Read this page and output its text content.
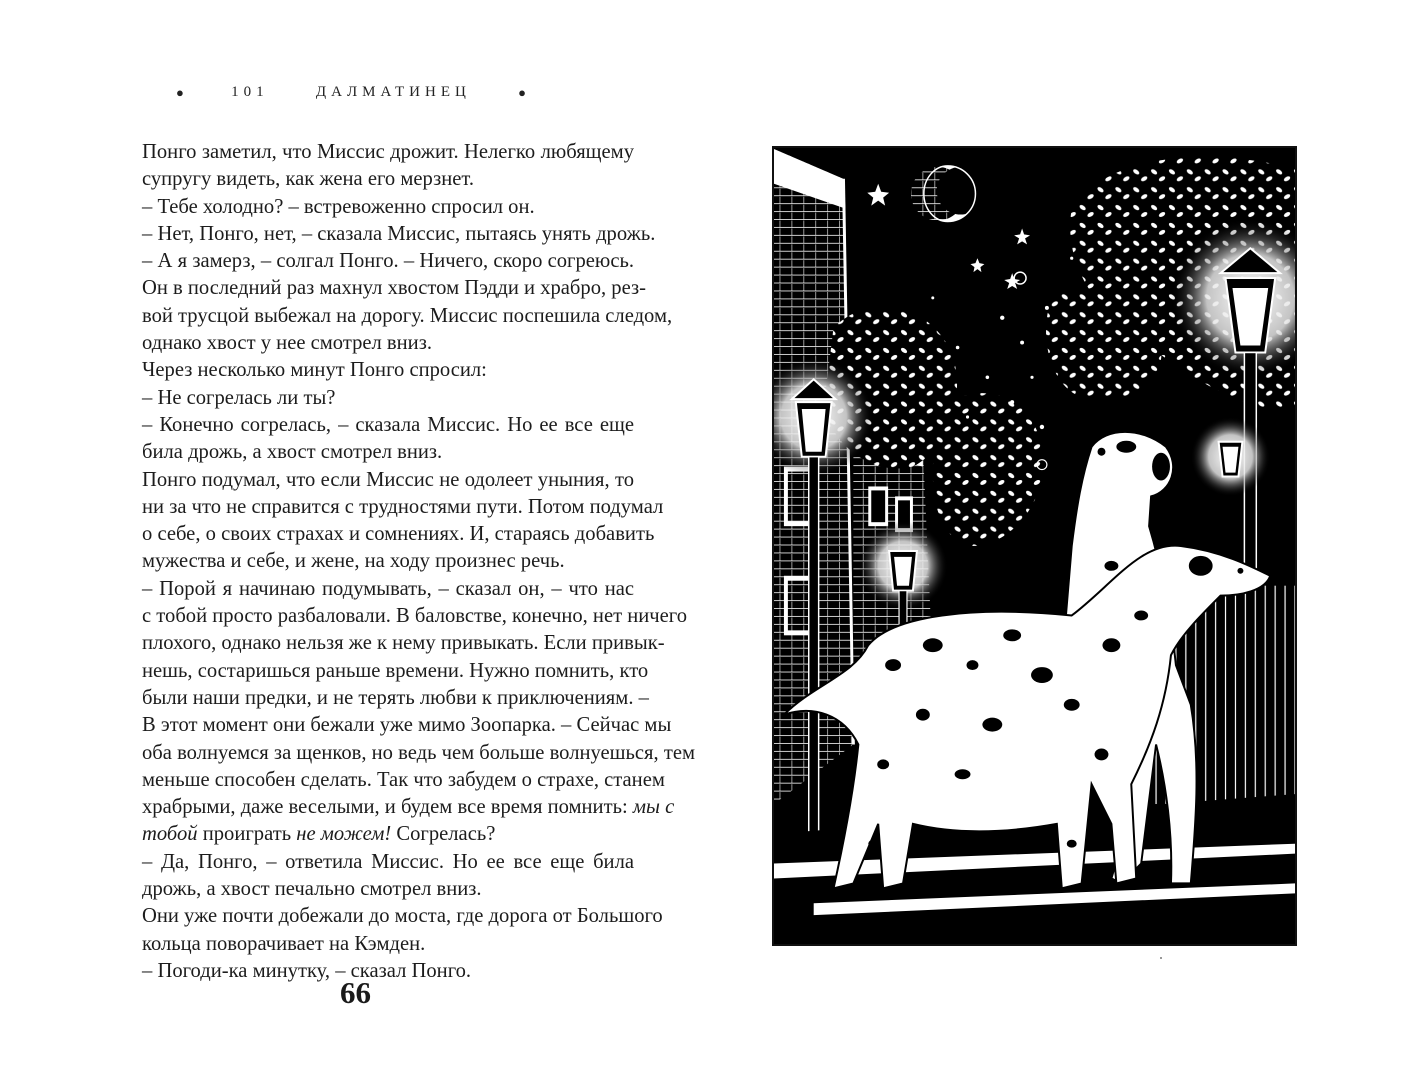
●	101	ДАЛМАТИНЕЦ	●

Понго заметил, что Миссис дрожит. Нелегко любящему
супругу видеть, как жена его мерзнет.

– Тебе холодно? – встревоженно спросил он.

– Нет, Понго, нет, – сказала Миссис, пытаясь унять дрожь.

– А я замерз, – солгал Понго. – Ничего, скоро согреюсь.

Он в последний раз махнул хвостом Пэдди и храбро, рез-
вой трусцой выбежал на дорогу. Миссис поспешила следом,
однако хвост у нее смотрел вниз.

Через несколько минут Понго спросил:

– Не согрелась ли ты?

– Конечно согрелась, – сказала Миссис. Но ее все еще
била дрожь, а хвост смотрел вниз.

Понго подумал, что если Миссис не одолеет уныния, то
ни за что не справится с трудностями пути. Потом подумал
о себе, о своих страхах и сомнениях. И, стараясь добавить
мужества и себе, и жене, на ходу произнес речь.

– Порой я начинаю подумывать, – сказал он, – что нас
с тобой просто разбаловали. В баловстве, конечно, нет ничего
плохого, однако нельзя же к нему привыкать. Если привык-
нешь, состаришься раньше времени. Нужно помнить, кто
были наши предки, и не терять любви к приключениям. –
В этот момент они бежали уже мимо Зоопарка. – Сейчас мы
оба волнуемся за щенков, но ведь чем больше волнуешься, тем
меньше способен сделать. Так что забудем о страхе, станем
храбрыми, даже веселыми, и будем все время помнить: мы с
тобой проиграть не можем! Согрелась?

– Да, Понго, – ответила Миссис. Но ее все еще била
дрожь, а хвост печально смотрел вниз.

Они уже почти добежали до моста, где дорога от Большого
кольца поворачивает на Кэмден.

– Погоди-ка минутку, – сказал Понго.

66
